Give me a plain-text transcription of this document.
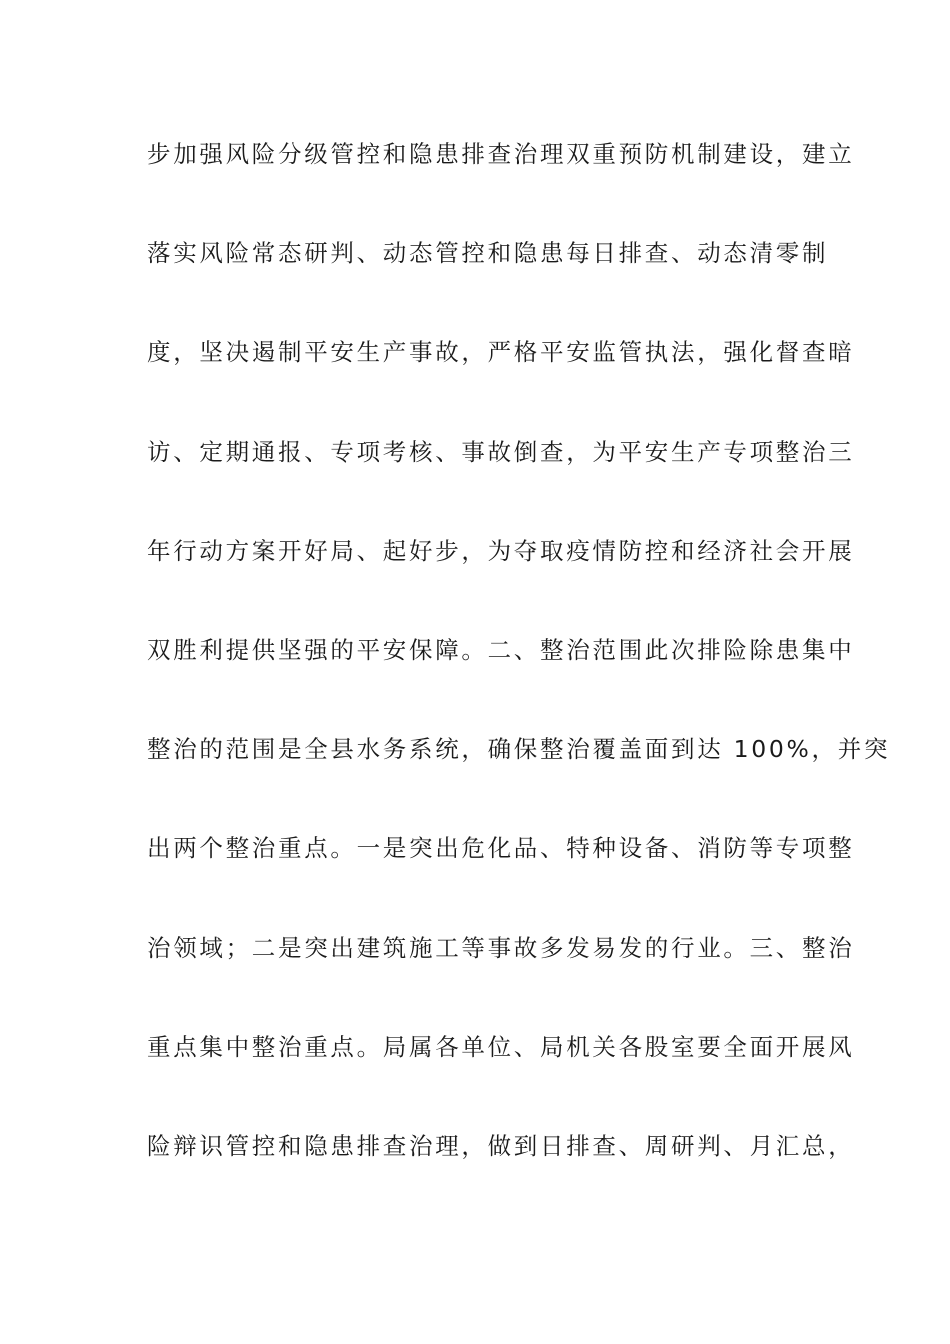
步加强风险分级管控和隐患排查治理双重预防机制建设，建立
落实风险常态研判、动态管控和隐患每日排查、动态清零制
度，坚决遏制平安生产事故，严格平安监管执法，强化督查暗
访、定期通报、专项考核、事故倒查，为平安生产专项整治三
年行动方案开好局、起好步，为夺取疫情防控和经济社会开展
双胜利提供坚强的平安保障。二、整治范围此次排险除患集中
整治的范围是全县水务系统，确保整治覆盖面到达 100%，并突
出两个整治重点。一是突出危化品、特种设备、消防等专项整
治领域；二是突出建筑施工等事故多发易发的行业。三、整治
重点集中整治重点。局属各单位、局机关各股室要全面开展风
险辩识管控和隐患排查治理，做到日排查、周研判、月汇总，
